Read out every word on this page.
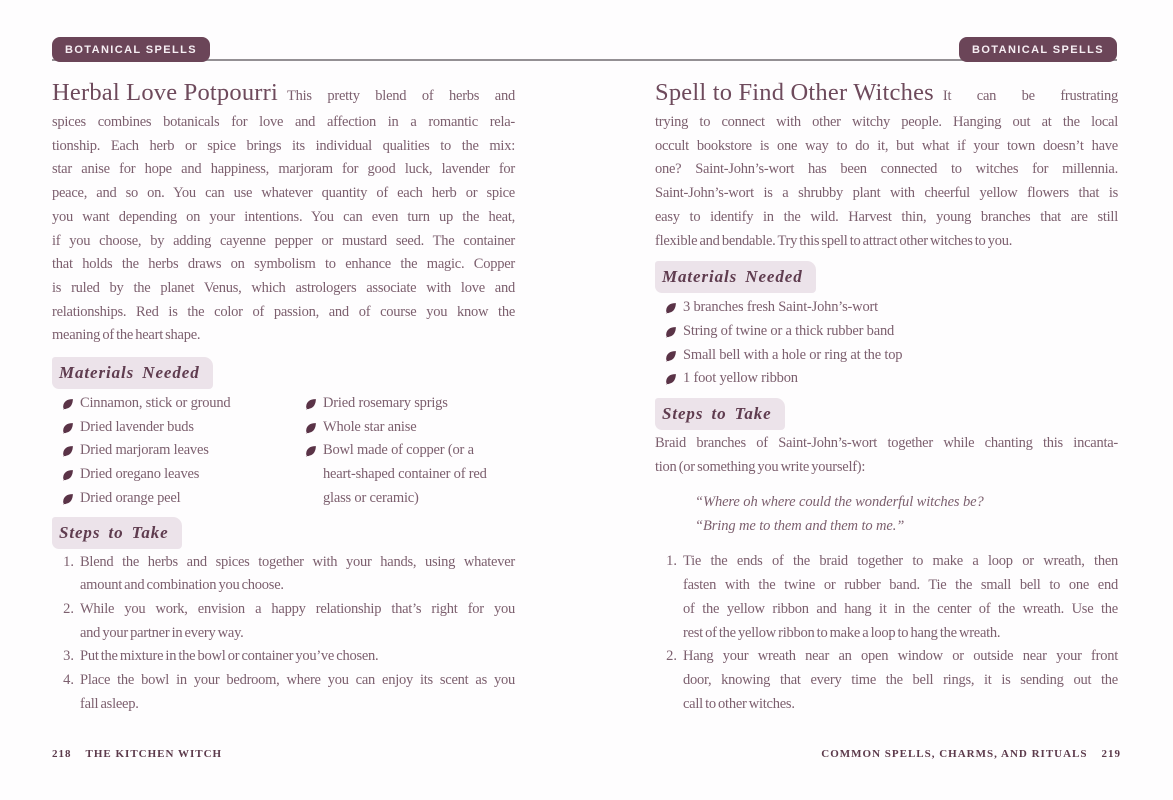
BOTANICAL SPELLS	BOTANICAL SPELLS
Herbal Love Potpourri This pretty blend of herbs and
spices combines botanicals for love and affection in a romantic rela-
tionship. Each herb or spice brings its individual qualities to the mix:
star anise for hope and happiness, marjoram for good luck, lavender for
peace, and so on. You can use whatever quantity of each herb or spice
you want depending on your intentions. You can even turn up the heat,
if you choose, by adding cayenne pepper or mustard seed. The container
that holds the herbs draws on symbolism to enhance the magic. Copper
is ruled by the planet Venus, which astrologers associate with love and
relationships. Red is the color of passion, and of course you know the
meaning of the heart shape.
Materials Needed
Cinnamon, stick or ground
Dried lavender buds
Dried marjoram leaves
Dried oregano leaves
Dried orange peel
Dried rosemary sprigs
Whole star anise
Bowl made of copper (or a
heart-shaped container of red
glass or ceramic)
Steps to Take
1. Blend the herbs and spices together with your hands, using whatever
amount and combination you choose.
2. While you work, envision a happy relationship that’s right for you
and your partner in every way.
3. Put the mixture in the bowl or container you’ve chosen.
4. Place the bowl in your bedroom, where you can enjoy its scent as you
fall asleep.
Spell to Find Other Witches It can be frustrating
trying to connect with other witchy people. Hanging out at the local
occult bookstore is one way to do it, but what if your town doesn’t have
one? Saint-John’s-wort has been connected to witches for millennia.
Saint-John’s-wort is a shrubby plant with cheerful yellow flowers that is
easy to identify in the wild. Harvest thin, young branches that are still
flexible and bendable. Try this spell to attract other witches to you.
Materials Needed
3 branches fresh Saint-John’s-wort
String of twine or a thick rubber band
Small bell with a hole or ring at the top
1 foot yellow ribbon
Steps to Take
Braid branches of Saint-John’s-wort together while chanting this incanta-
tion (or something you write yourself):
“Where oh where could the wonderful witches be?
“Bring me to them and them to me.”
1. Tie the ends of the braid together to make a loop or wreath, then
fasten with the twine or rubber band. Tie the small bell to one end
of the yellow ribbon and hang it in the center of the wreath. Use the
rest of the yellow ribbon to make a loop to hang the wreath.
2. Hang your wreath near an open window or outside near your front
door, knowing that every time the bell rings, it is sending out the
call to other witches.
218 THE KITCHEN WITCH	COMMON SPELLS, CHARMS, AND RITUALS 219
